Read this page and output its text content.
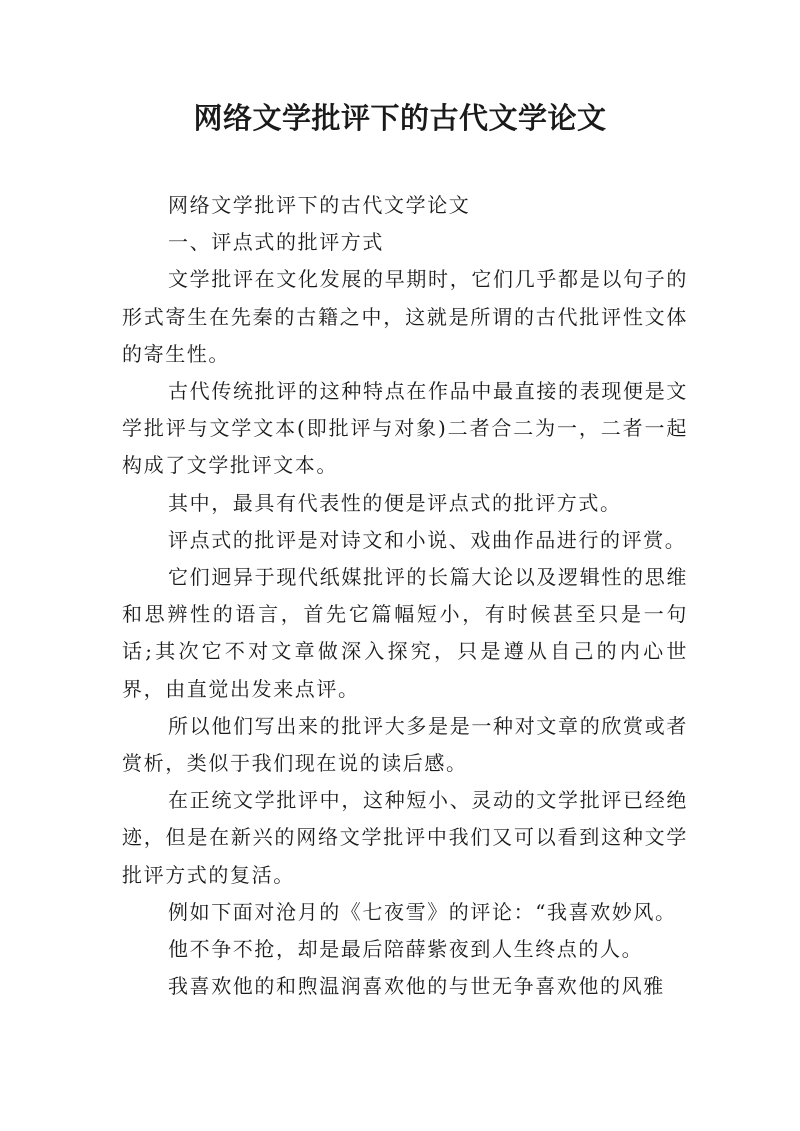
网络文学批评下的古代文学论文

网络文学批评下的古代文学论文

一、评点式的批评方式

文学批评在文化发展的早期时，它们几乎都是以句子的形式寄生在先秦的古籍之中，这就是所谓的古代批评性文体的寄生性。

古代传统批评的这种特点在作品中最直接的表现便是文学批评与文学文本(即批评与对象)二者合二为一，二者一起构成了文学批评文本。

其中，最具有代表性的便是评点式的批评方式。

评点式的批评是对诗文和小说、戏曲作品进行的评赏。

它们迥异于现代纸媒批评的长篇大论以及逻辑性的思维和思辨性的语言，首先它篇幅短小，有时候甚至只是一句话;其次它不对文章做深入探究，只是遵从自己的内心世界，由直觉出发来点评。

所以他们写出来的批评大多是是一种对文章的欣赏或者赏析，类似于我们现在说的读后感。

在正统文学批评中，这种短小、灵动的文学批评已经绝迹，但是在新兴的网络文学批评中我们又可以看到这种文学批评方式的复活。

例如下面对沧月的《七夜雪》的评论：“我喜欢妙风。

他不争不抢，却是最后陪薛紫夜到人生终点的人。

我喜欢他的和煦温润喜欢他的与世无争喜欢他的风雅
